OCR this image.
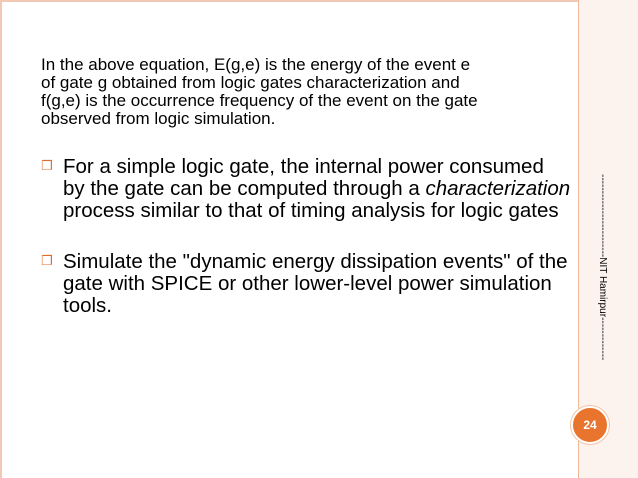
In the above equation, E(g,e) is the energy of the event e
of gate g obtained from logic gates characterization and
f(g,e) is the occurrence frequency of the event on the gate
observed from logic simulation.
❒ For a simple logic gate, the internal power consumed by the gate can be computed through a characterization process similar to that of timing analysis for logic gates
❒ Simulate the "dynamic energy dissipation events" of the gate with SPICE or other lower-level power simulation tools.	-------------------------NIT Hamirpur-------------
24
